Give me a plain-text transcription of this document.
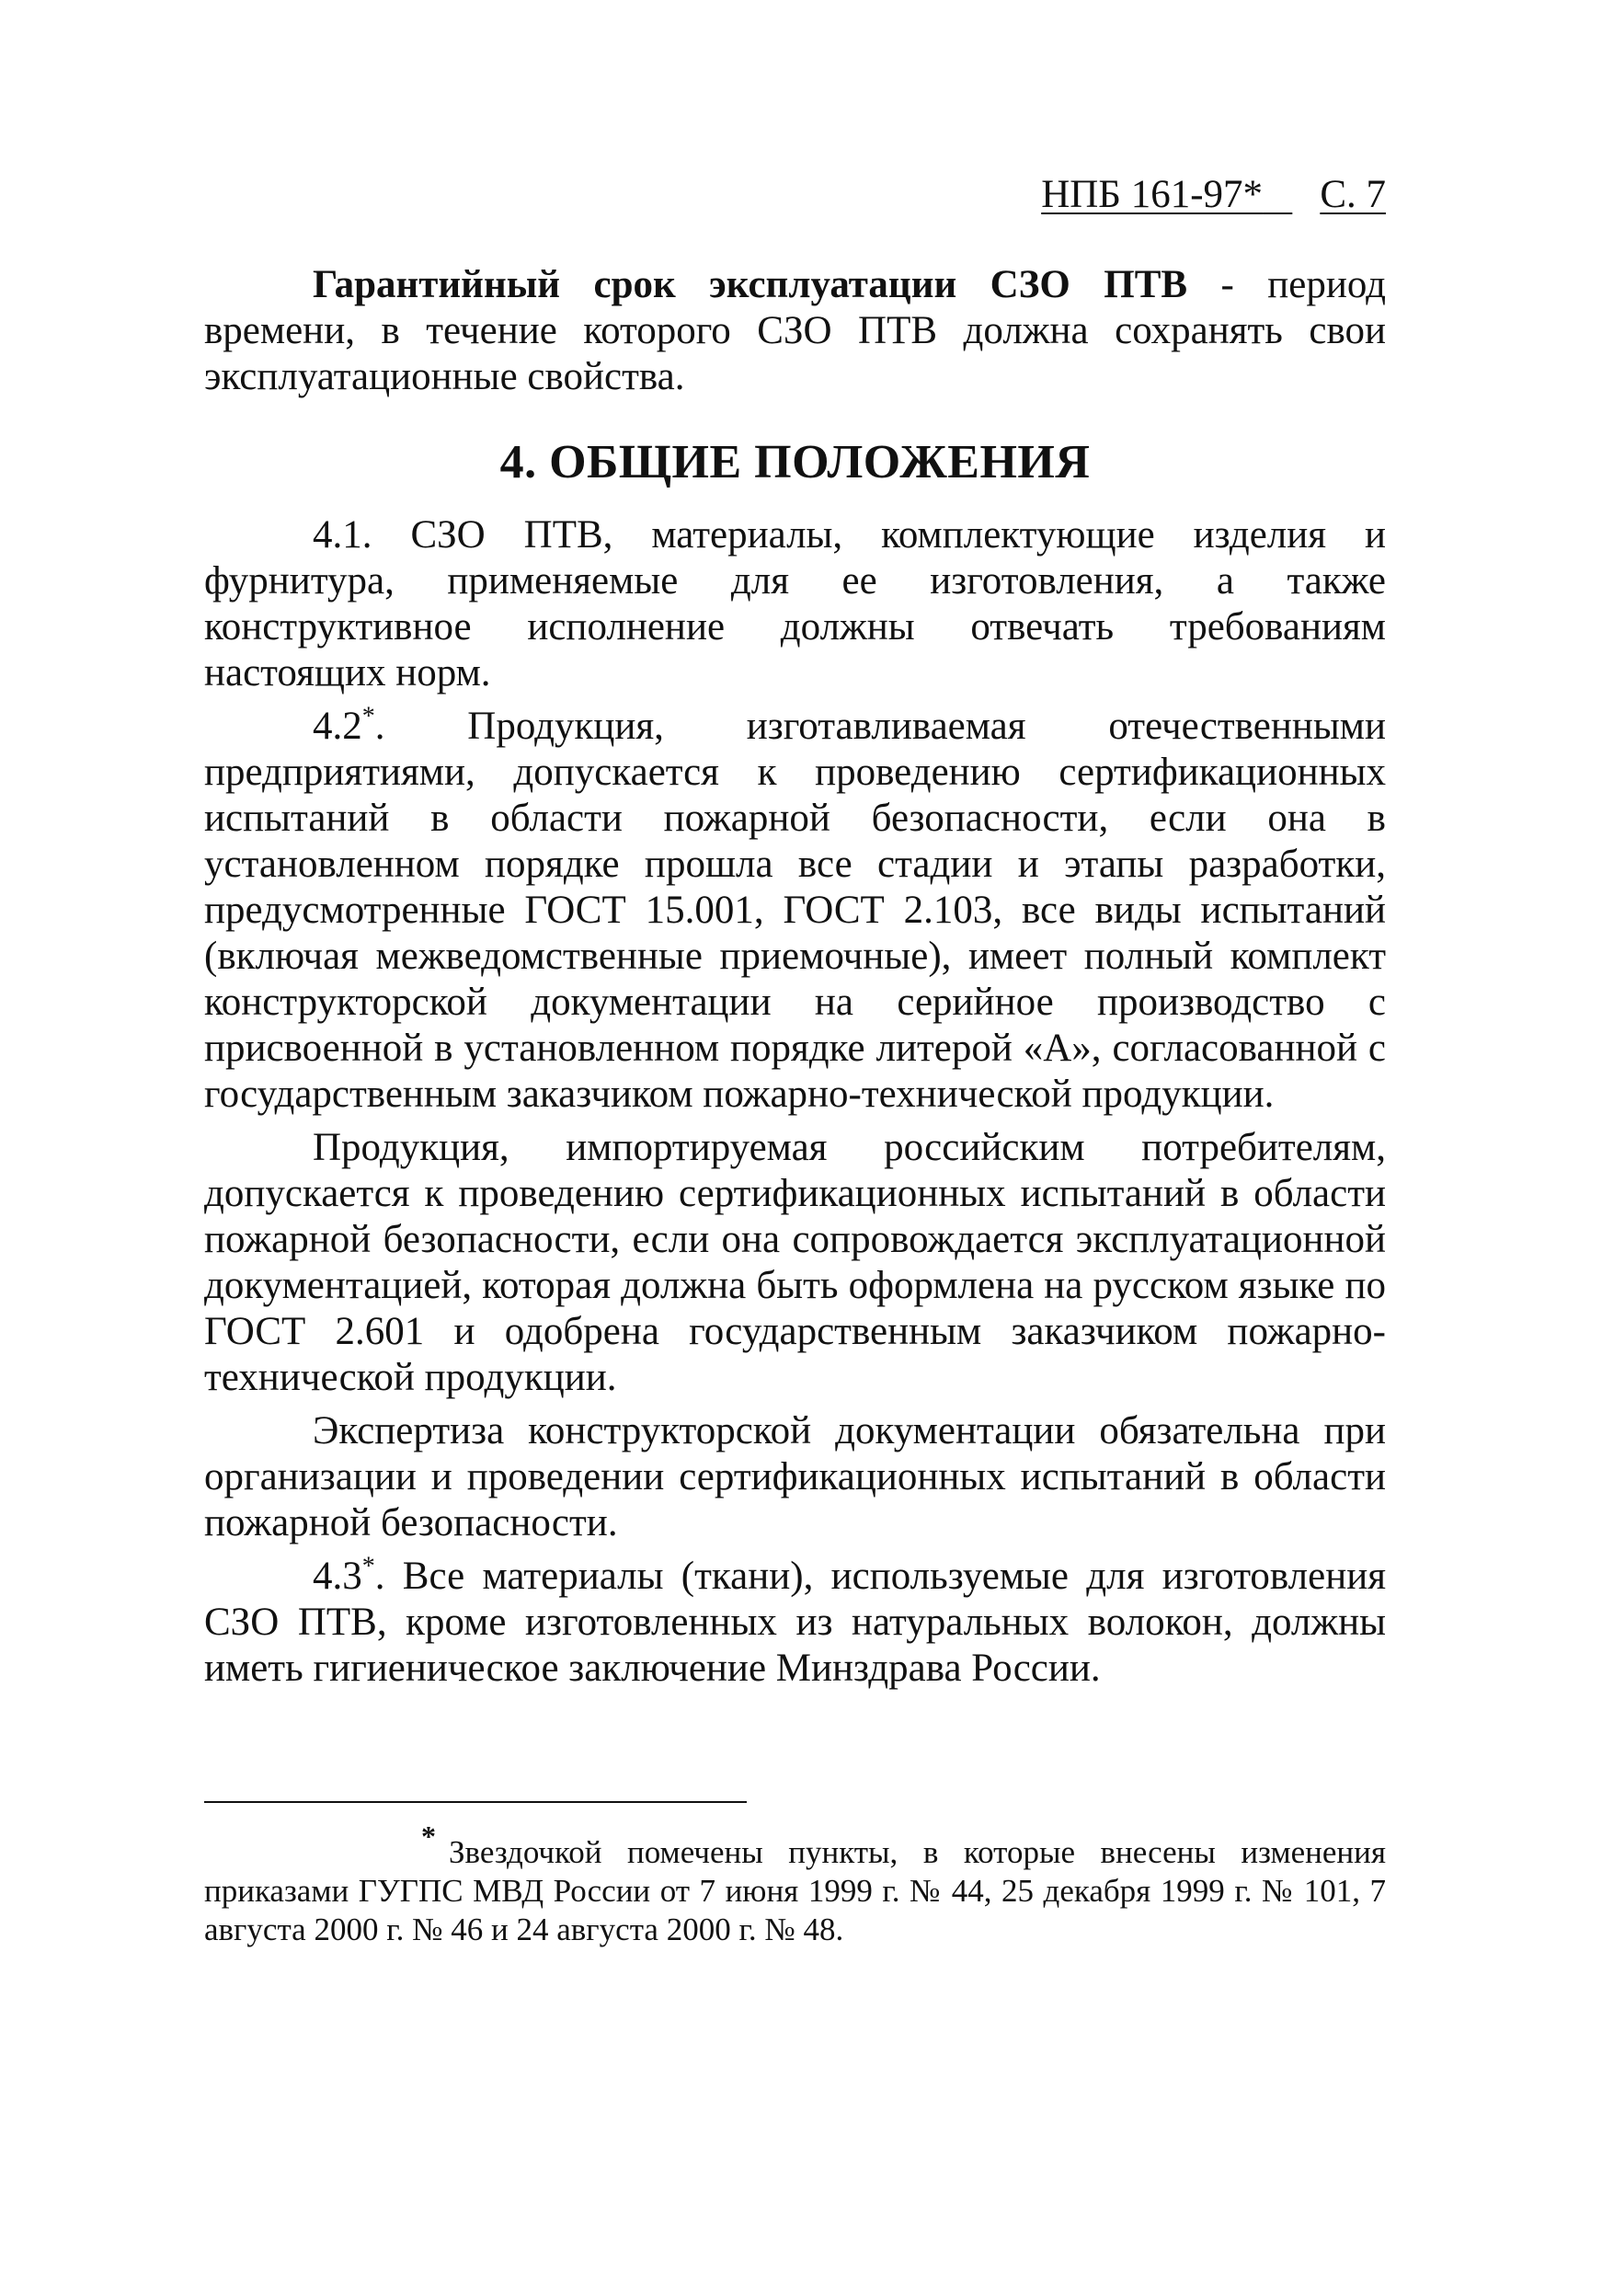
НПБ 161-97* С. 7

Гарантийный срок эксплуатации СЗО ПТВ - период времени, в течение которого СЗО ПТВ должна сохранять свои эксплуатационные свойства.

4. ОБЩИЕ ПОЛОЖЕНИЯ

4.1. СЗО ПТВ, материалы, комплектующие изделия и фурнитура, применяемые для ее изготовления, а также конструктивное исполнение должны отвечать требованиям настоящих норм.

4.2*. Продукция, изготавливаемая отечественными предприятиями, допускается к проведению сертификационных испытаний в области пожарной безопасности, если она в установленном порядке прошла все стадии и этапы разработки, предусмотренные ГОСТ 15.001, ГОСТ 2.103, все виды испытаний (включая межведомственные приемочные), имеет полный комплект конструкторской документации на серийное производство с присвоенной в установленном порядке литерой «А», согласованной с государственным заказчиком пожарно-технической продукции.

Продукция, импортируемая российским потребителям, допускается к проведению сертификационных испытаний в области пожарной безопасности, если она сопровождается эксплуатационной документацией, которая должна быть оформлена на русском языке по ГОСТ 2.601 и одобрена государственным заказчиком пожарно-технической продукции.

Экспертиза конструкторской документации обязательна при организации и проведении сертификационных испытаний в области пожарной безопасности.

4.3*. Все материалы (ткани), используемые для изготовления СЗО ПТВ, кроме изготовленных из натуральных волокон, должны иметь гигиеническое заключение Минздрава России.

* Звездочкой помечены пункты, в которые внесены изменения приказами ГУГПС МВД России от 7 июня 1999 г. № 44, 25 декабря 1999 г. № 101, 7 августа 2000 г. № 46 и 24 августа 2000 г. № 48.
